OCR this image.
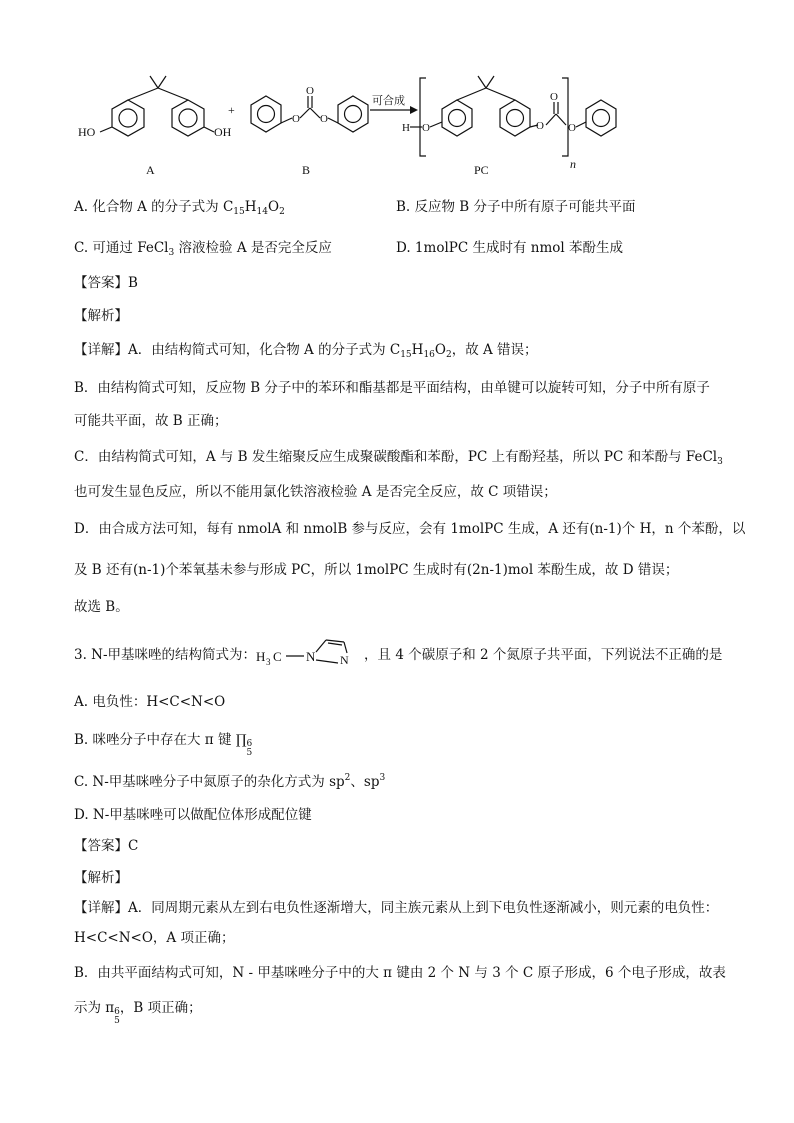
HO	OH
+
O O
O
可合成
H O	O
O
O
n
A	B	PC
A. 化合物 A 的分子式为 $C_{15}H_{14}O_2$	B. 反应物 B 分子中所有原子可能共平面
C. 可通过 FeCl$_3$ 溶液检验 A 是否完全反应	D. 1molPC 生成时有 nmol 苯酚生成
【答案】B
【解析】
【详解】A．由结构简式可知，化合物 A 的分子式为 $C_{15}H_{16}O_2$，故 A 错误；
B．由结构简式可知，反应物 B 分子中的苯环和酯基都是平面结构，由单键可以旋转可知，分子中所有原子
可能共平面，故 B 正确；
C．由结构简式可知，A 与 B 发生缩聚反应生成聚碳酸酯和苯酚，PC 上有酚羟基，所以 PC 和苯酚与 FeCl$_3$
也可发生显色反应，所以不能用氯化铁溶液检验 A 是否完全反应，故 C 项错误；
D．由合成方法可知，每有 nmolA 和 nmolB 参与反应，会有 1molPC 生成，A 还有(n-1)个 H，n 个苯酚，以
及 B 还有(n-1)个苯氧基未参与形成 PC，所以 1molPC 生成时有(2n-1)mol 苯酚生成，故 D 错误；
故选 B。
3. N-甲基咪唑的结构简式为：	，且 4 个碳原子和 2 个氮原子共平面，下列说法不正确的是
H 3 C N N
A. 电负性：H<C<N<O
B. 咪唑分子中存在大 π 键 ∏ 6
5
C. N-甲基咪唑分子中氮原子的杂化方式为 $sp^2$、$sp^3$
D. N-甲基咪唑可以做配位体形成配位键
【答案】C
【解析】
【详解】A．同周期元素从左到右电负性逐渐增大，同主族元素从上到下电负性逐渐减小，则元素的电负性：
H<C<N<O，A 项正确；
B．由共平面结构式可知，N - 甲基咪唑分子中的大 π 键由 2 个 N 与 3 个 C 原子形成，6 个电子形成，故表
示为 π 6
5
，B 项正确；
